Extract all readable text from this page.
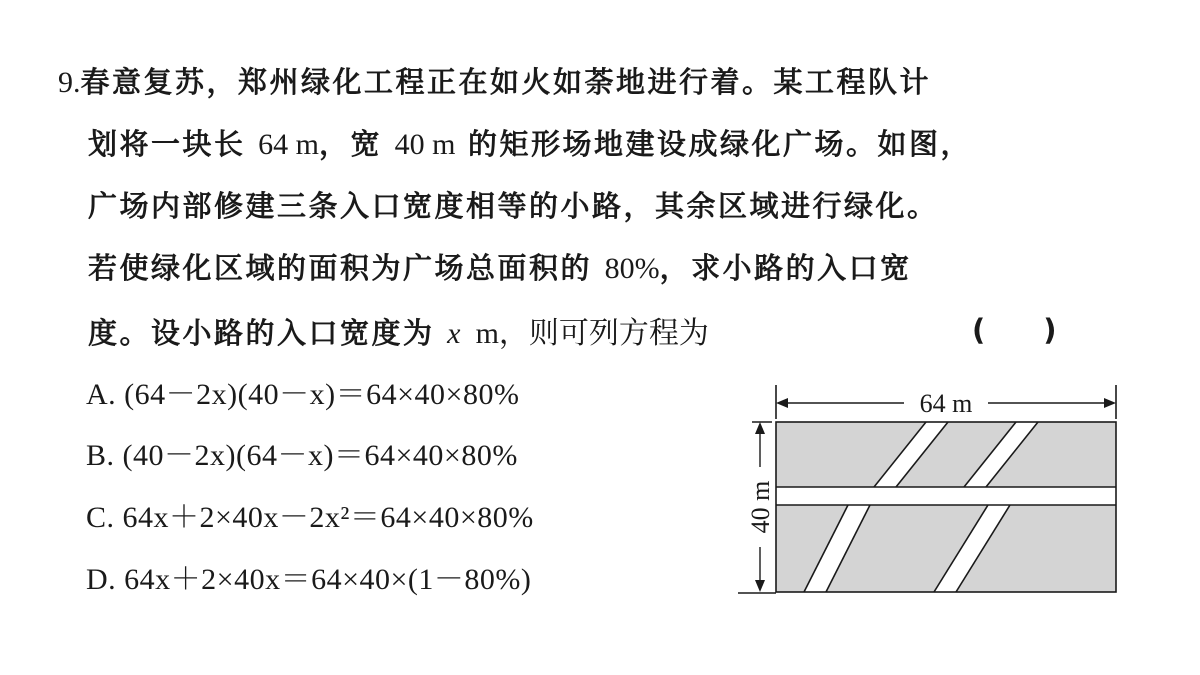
9.春意复苏，郑州绿化工程正在如火如荼地进行着。某工程队计
划将一块长 64 m，宽 40 m 的矩形场地建设成绿化广场。如图，
广场内部修建三条入口宽度相等的小路，其余区域进行绿化。
若使绿化区域的面积为广场总面积的 80%，求小路的入口宽
度。设小路的入口宽度为 x m，则可列方程为	(　　)
A. (64－2x)(40－x)＝64×40×80%
B. (40－2x)(64－x)＝64×40×80%
C. 64x＋2×40x－2x²＝64×40×80%
D. 64x＋2×40x＝64×40×(1－80%)
64 m
40 m
